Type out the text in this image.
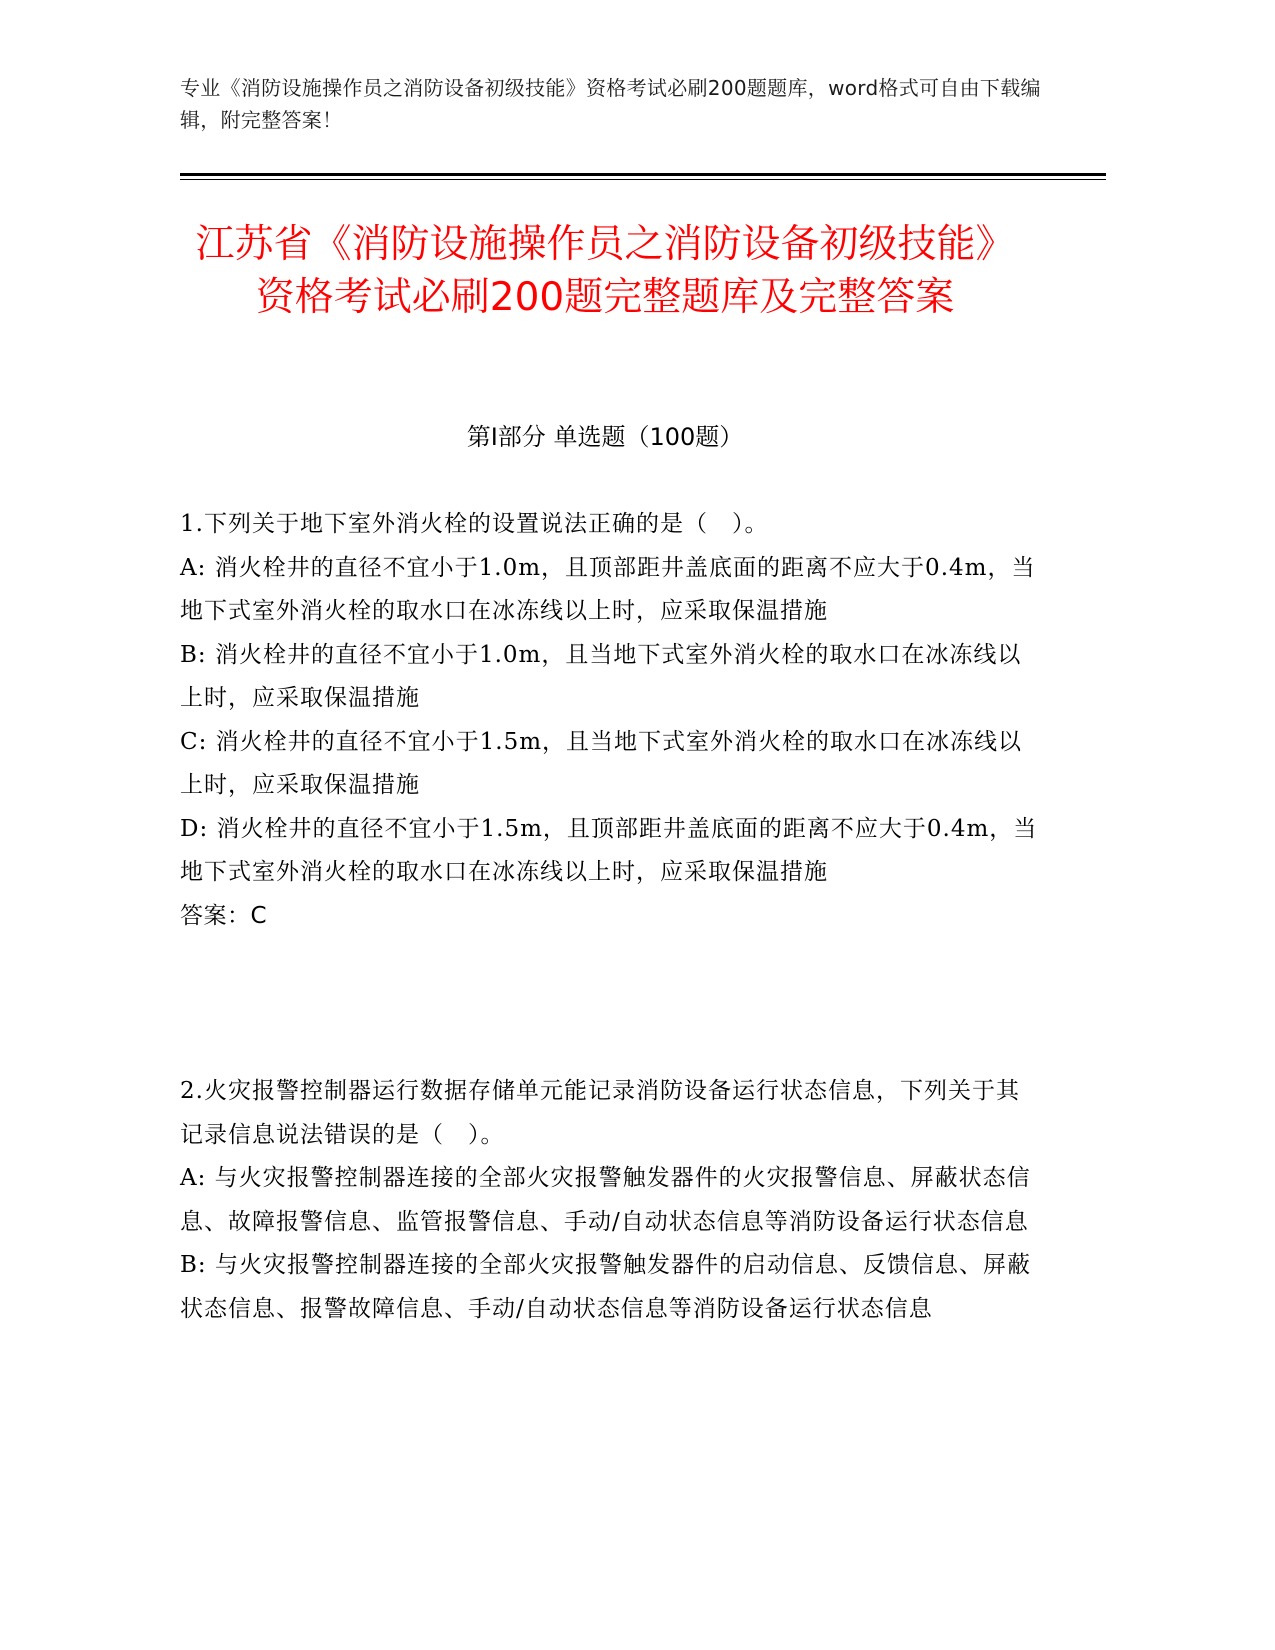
专业《消防设施操作员之消防设备初级技能》资格考试必刷200题题库，word格式可自由下载编辑，附完整答案！
江苏省《消防设施操作员之消防设备初级技能》资格考试必刷200题完整题库及完整答案
第Ⅰ部分 单选题（100题）

1.下列关于地下室外消火栓的设置说法正确的是（　）。

A: 消火栓井的直径不宜小于1.0m，且顶部距井盖底面的距离不应大于0.4m，当地下式室外消火栓的取水口在冰冻线以上时，应采取保温措施

B: 消火栓井的直径不宜小于1.0m，且当地下式室外消火栓的取水口在冰冻线以上时，应采取保温措施

C: 消火栓井的直径不宜小于1.5m，且当地下式室外消火栓的取水口在冰冻线以上时，应采取保温措施

D: 消火栓井的直径不宜小于1.5m，且顶部距井盖底面的距离不应大于0.4m，当地下式室外消火栓的取水口在冰冻线以上时，应采取保温措施

答案：C

2.火灾报警控制器运行数据存储单元能记录消防设备运行状态信息，下列关于其记录信息说法错误的是（　）。

A: 与火灾报警控制器连接的全部火灾报警触发器件的火灾报警信息、屏蔽状态信息、故障报警信息、监管报警信息、手动/自动状态信息等消防设备运行状态信息

B: 与火灾报警控制器连接的全部火灾报警触发器件的启动信息、反馈信息、屏蔽状态信息、报警故障信息、手动/自动状态信息等消防设备运行状态信息
